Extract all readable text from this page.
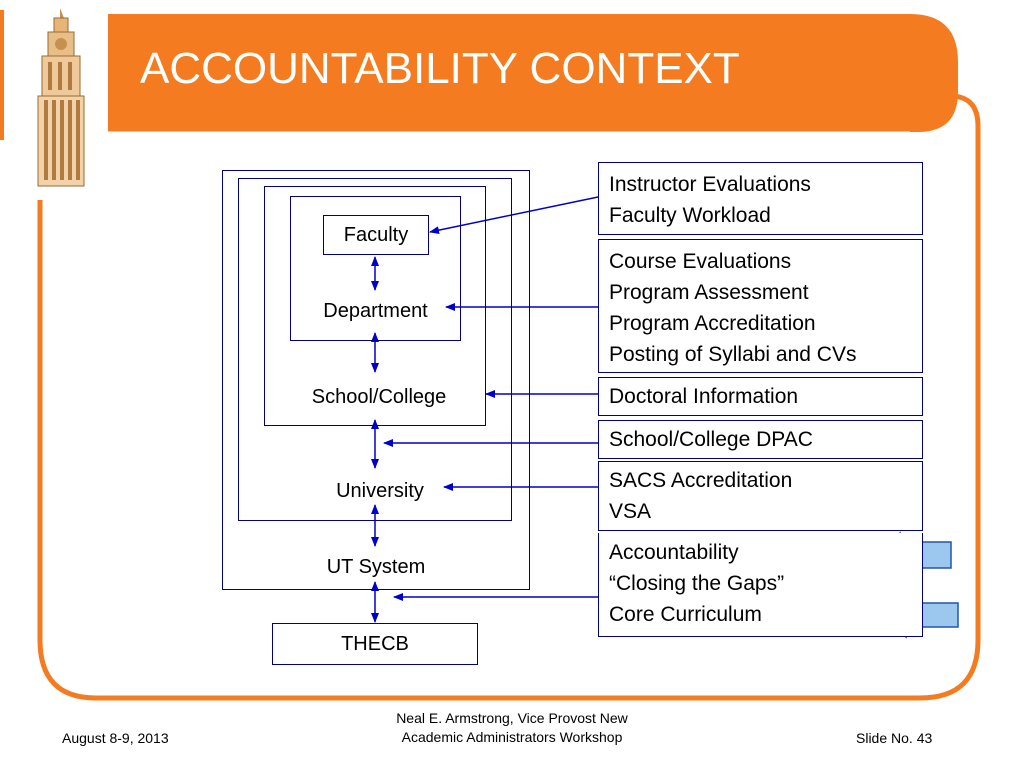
ACCOUNTABILITY CONTEXT
Faculty
Department
School/College
University
UT System
THECB
Instructor Evaluations
Faculty Workload
Course Evaluations
Program Assessment
Program Accreditation
Posting of Syllabi and CVs
Doctoral Information
School/College DPAC
SACS Accreditation
VSA
Accountability
“Closing the Gaps”
Core Curriculum
August 8-9, 2013
Neal E. Armstrong, Vice Provost New
Academic Administrators Workshop	Slide No. 43
